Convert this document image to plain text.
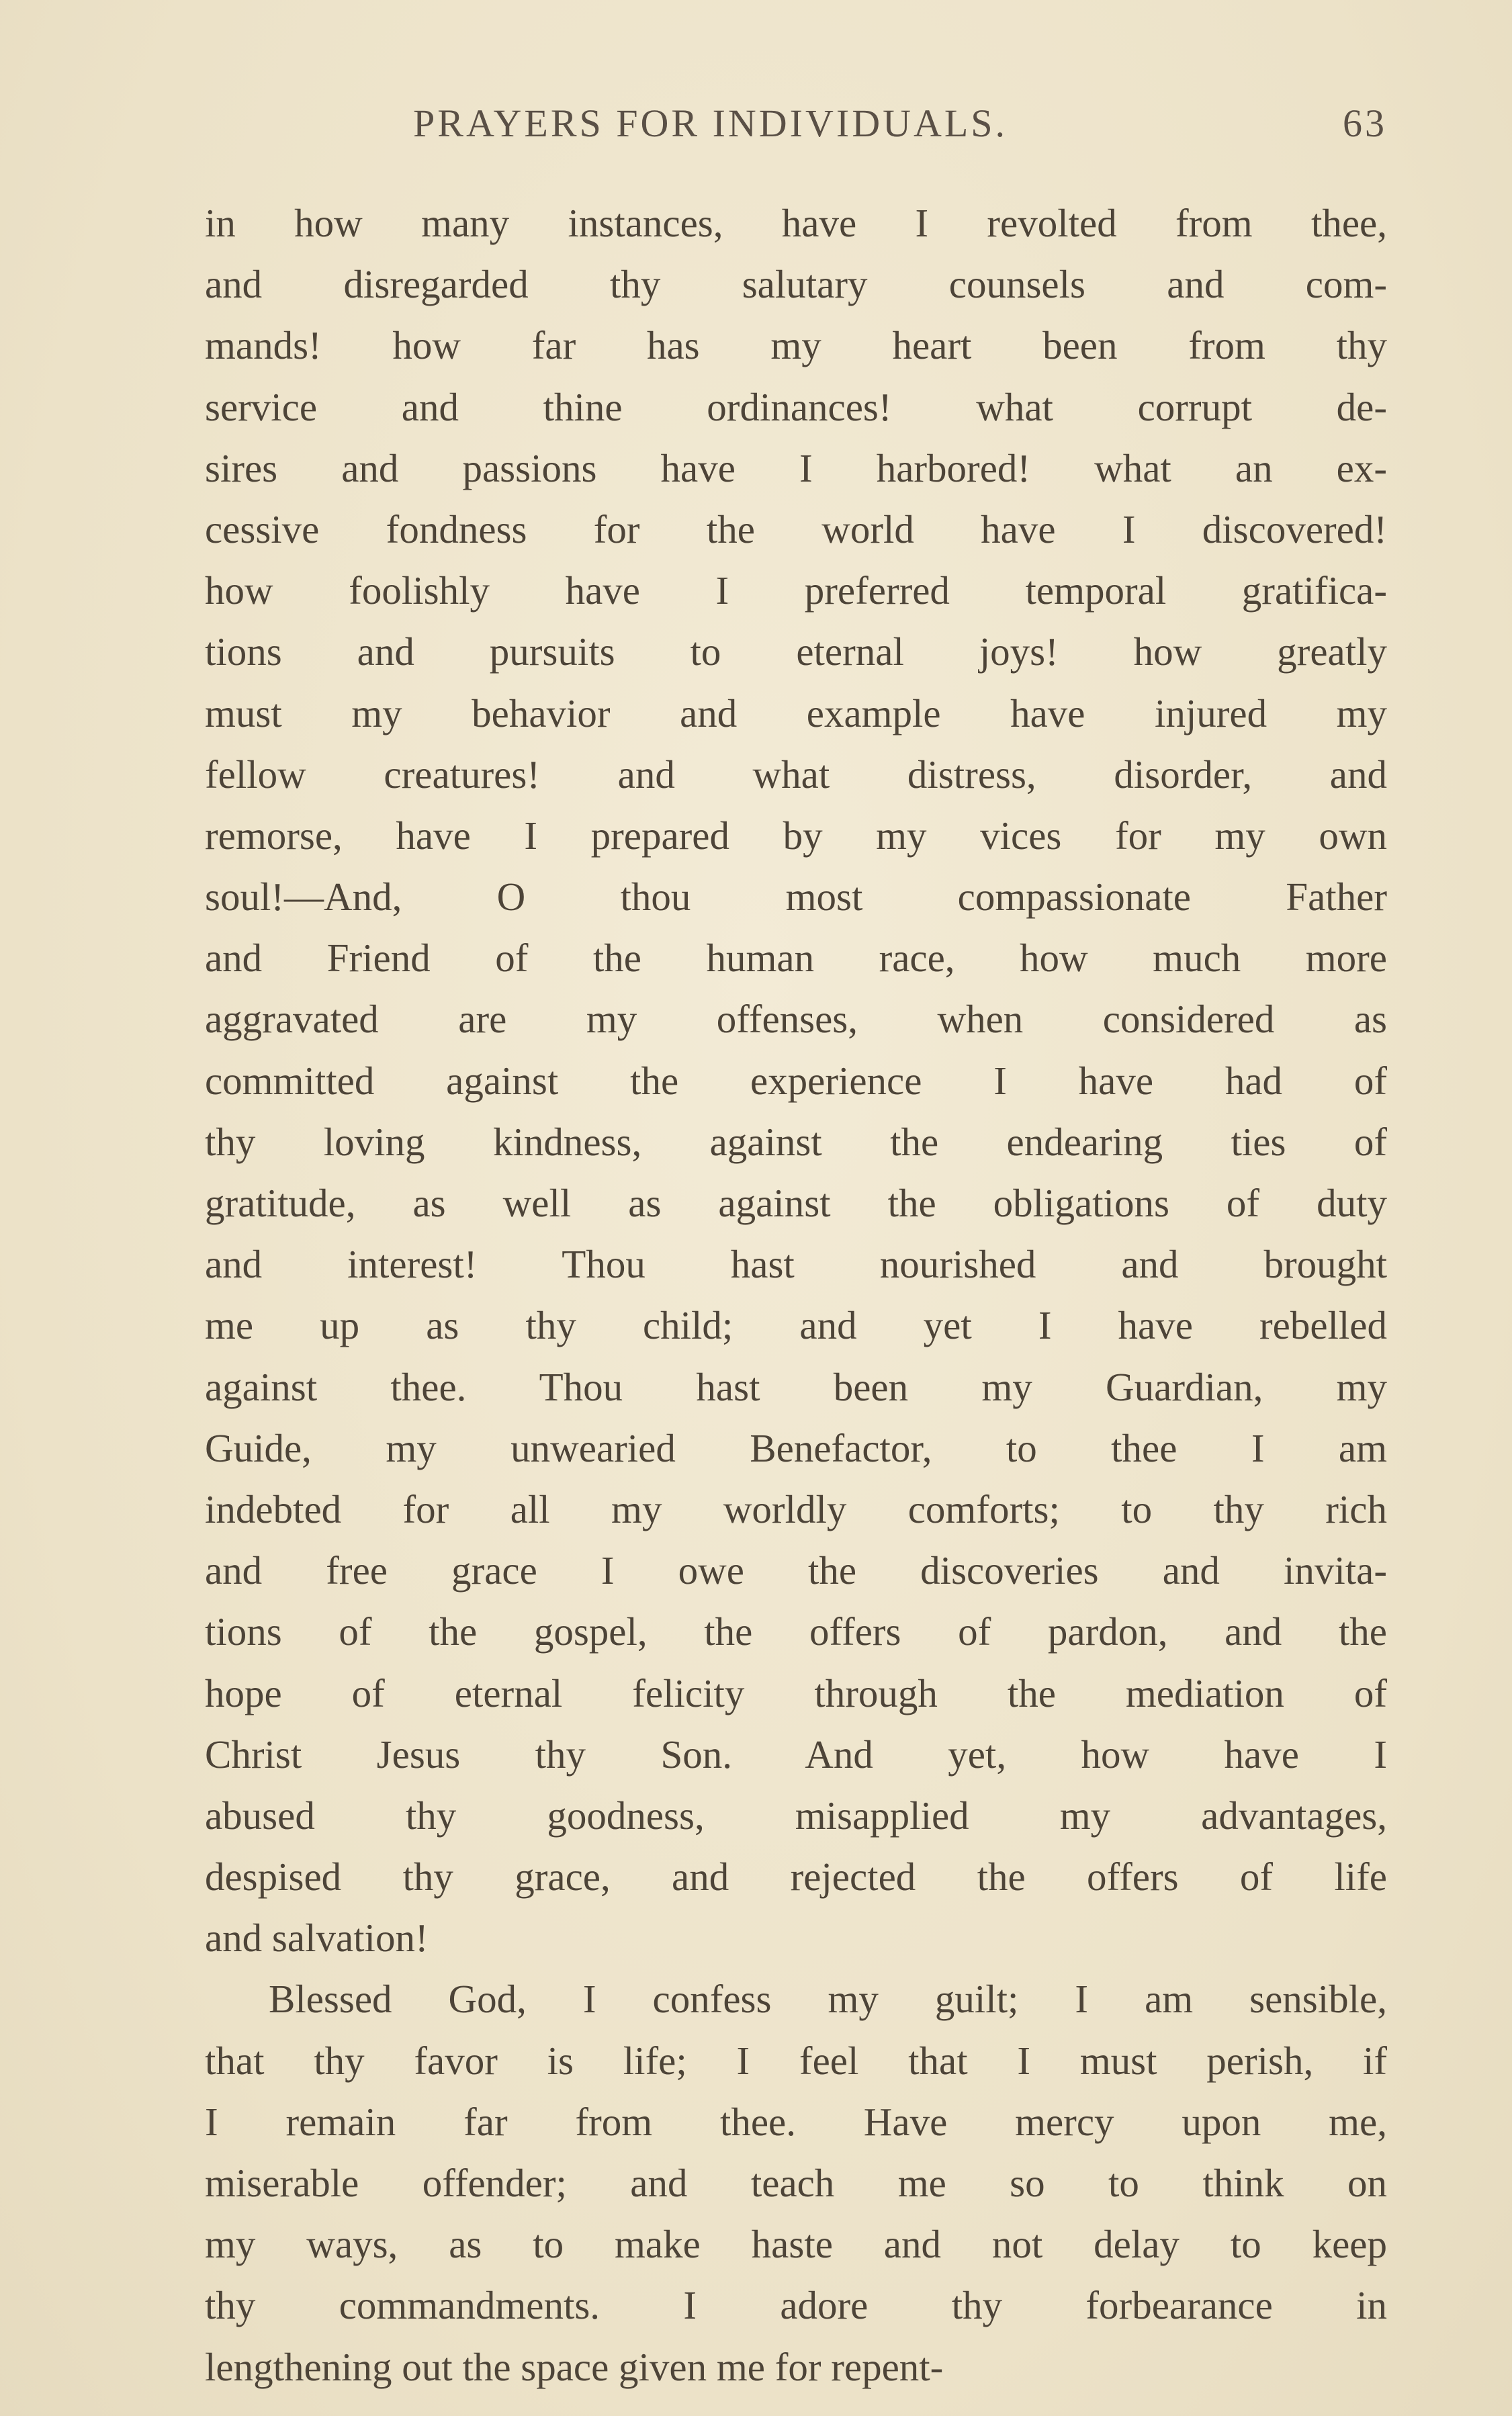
PRAYERS FOR INDIVIDUALS.	63
in how many instances, have I revolted from thee,
and disregarded thy salutary counsels and com-
mands! how far has my heart been from thy
service and thine ordinances! what corrupt de-
sires and passions have I harbored! what an ex-
cessive fondness for the world have I discovered!
how foolishly have I preferred temporal gratifica-
tions and pursuits to eternal joys! how greatly
must my behavior and example have injured my
fellow creatures! and what distress, disorder, and
remorse, have I prepared by my vices for my own
soul!—And, O thou most compassionate Father
and Friend of the human race, how much more
aggravated are my offenses, when considered as
committed against the experience I have had of
thy loving kindness, against the endearing ties of
gratitude, as well as against the obligations of duty
and interest! Thou hast nourished and brought
me up as thy child; and yet I have rebelled
against thee. Thou hast been my Guardian, my
Guide, my unwearied Benefactor, to thee I am
indebted for all my worldly comforts; to thy rich
and free grace I owe the discoveries and invita-
tions of the gospel, the offers of pardon, and the
hope of eternal felicity through the mediation of
Christ Jesus thy Son. And yet, how have I
abused thy goodness, misapplied my advantages,
despised thy grace, and rejected the offers of life
and salvation!
Blessed God, I confess my guilt; I am sensible,
that thy favor is life; I feel that I must perish, if
I remain far from thee. Have mercy upon me,
miserable offender; and teach me so to think on
my ways, as to make haste and not delay to keep
thy commandments. I adore thy forbearance in
lengthening out the space given me for repent-
